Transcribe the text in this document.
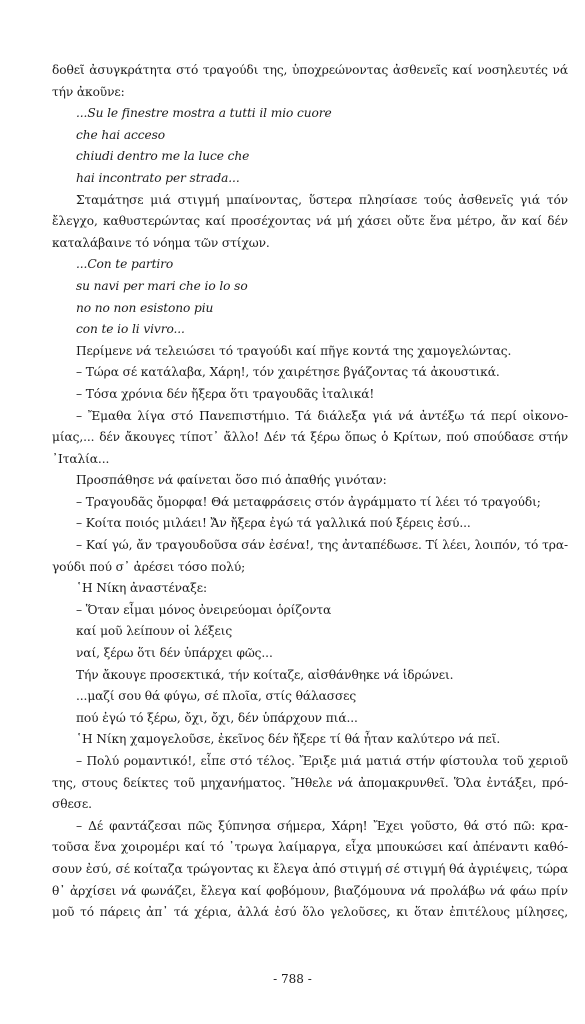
δοθεῖ ἀσυγκράτητα στό τραγούδι της, ὑποχρεώνοντας ἀσθενεῖς καί νοσηλευτές νά
τήν ἀκοῦνε:
...Su le finestre mostra a tutti il mio cuore
che hai acceso
chiudi dentro me la luce che
hai incontrato per strada...
Σταμάτησε μιά στιγμή μπαίνοντας, ὕστερα πλησίασε τούς ἀσθενεῖς γιά τόν
ἔλεγχο, καθυστερώντας καί προσέχοντας νά μή χάσει οὔτε ἕνα μέτρο, ἄν καί δέν
καταλάβαινε τό νόημα τῶν στίχων.
...Con te partiro
su navi per mari che io lo so
no no non esistono piu
con te io li vivro...
Περίμενε νά τελειώσει τό τραγούδι καί πῆγε κοντά της χαμογελώντας.
– Τώρα σέ κατάλαβα, Χάρη!, τόν χαιρέτησε βγάζοντας τά ἀκουστικά.
– Τόσα χρόνια δέν ἤξερα ὅτι τραγουδᾶς ἰταλικά!
– Ἔμαθα λίγα στό Πανεπιστήμιο. Τά διάλεξα γιά νά ἀντέξω τά περί οἰκονο-
μίας,... δέν ἄκουγες τίποτ᾽ ἄλλο! Δέν τά ξέρω ὅπως ὁ Κρίτων, πού σπούδασε στήν
᾽Ιταλία...
Προσπάθησε νά φαίνεται ὅσο πιό ἀπαθής γινόταν:
– Τραγουδᾶς ὄμορφα! Θά μεταφράσεις στόν ἀγράμματο τί λέει τό τραγούδι;
– Κοίτα ποιός μιλάει! Ἄν ἤξερα ἐγώ τά γαλλικά πού ξέρεις ἐσύ...
– Καί γώ, ἄν τραγουδοῦσα σάν ἐσένα!, της ἀνταπέδωσε. Τί λέει, λοιπόν, τό τρα-
γούδι πού σ᾽ ἀρέσει τόσο πολύ;
῾Η Νίκη ἀναστέναξε:
– Ὅταν εἶμαι μόνος ὀνειρεύομαι ὁρίζοντα
καί μοῦ λείπουν οἱ λέξεις
ναί, ξέρω ὅτι δέν ὑπάρχει φῶς...
Τήν ἄκουγε προσεκτικά, τήν κοίταζε, αἰσθάνθηκε νά ἱδρώνει.
...μαζί σου θά φύγω, σέ πλοῖα, στίς θάλασσες
πού ἐγώ τό ξέρω, ὄχι, ὄχι, δέν ὑπάρχουν πιά...
῾Η Νίκη χαμογελοῦσε, ἐκεῖνος δέν ἤξερε τί θά ἦταν καλύτερο νά πεῖ.
– Πολύ ρομαντικό!, εἶπε στό τέλος. Ἔριξε μιά ματιά στήν φίστουλα τοῦ χεριοῦ
της, στους δείκτες τοῦ μηχανήματος. Ἤθελε νά ἀπομακρυνθεῖ. Ὅλα ἐντάξει, πρό-
σθεσε.
– Δέ φαντάζεσαι πῶς ξύπνησα σήμερα, Χάρη! Ἔχει γοῦστο, θά στό πῶ: κρα-
τοῦσα ἕνα χοιρομέρι καί τό ᾽τρωγα λαίμαργα, εἶχα μπουκώσει καί ἀπέναντι καθό-
σουν ἐσύ, σέ κοίταζα τρώγοντας κι ἔλεγα ἀπό στιγμή σέ στιγμή θά ἀγριέψεις, τώρα
θ᾽ ἀρχίσει νά φωνάζει, ἔλεγα καί φοβόμουν, βιαζόμουνα νά προλάβω νά φάω πρίν
μοῦ τό πάρεις ἀπ᾽ τά χέρια, ἀλλά ἐσύ ὅλο γελοῦσες, κι ὅταν ἐπιτέλους μίλησες,
- 788 -
